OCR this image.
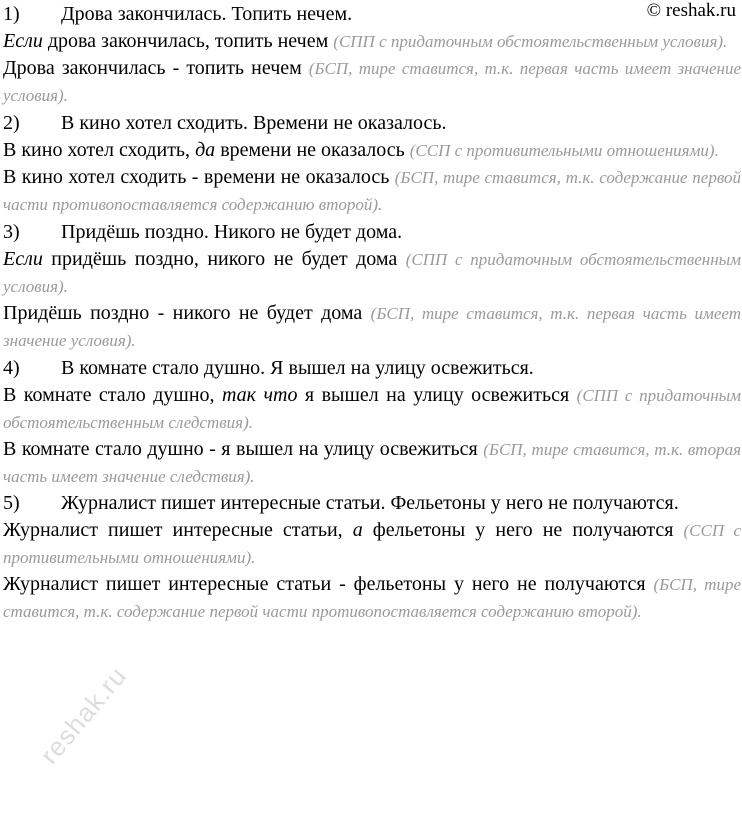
© reshak.ru
reshak.ru
1) Дрова закончилась. Топить нечем.
Если дрова закончилась, топить нечем (СПП с придаточным обстоятельственным условия).
Дрова закончилась - топить нечем (БСП, тире ставится, т.к. первая часть имеет значение условия).
2) В кино хотел сходить. Времени не оказалось.
В кино хотел сходить, да времени не оказалось (ССП с противительными отношениями).
В кино хотел сходить - времени не оказалось (БСП, тире ставится, т.к. содержание первой части противопоставляется содержанию второй).
3) Придёшь поздно. Никого не будет дома.
Если придёшь поздно, никого не будет дома (СПП с придаточным обстоятельственным условия).
Придёшь поздно - никого не будет дома (БСП, тире ставится, т.к. первая часть имеет значение условия).
4) В комнате стало душно. Я вышел на улицу освежиться.
В комнате стало душно, так что я вышел на улицу освежиться (СПП с придаточным обстоятельственным следствия).
В комнате стало душно - я вышел на улицу освежиться (БСП, тире ставится, т.к. вторая часть имеет значение следствия).
5) Журналист пишет интересные статьи. Фельетоны у него не получаются.
Журналист пишет интересные статьи, а фельетоны у него не получаются (ССП с противительными отношениями).
Журналист пишет интересные статьи - фельетоны у него не получаются (БСП, тире ставится, т.к. содержание первой части противопоставляется содержанию второй).
